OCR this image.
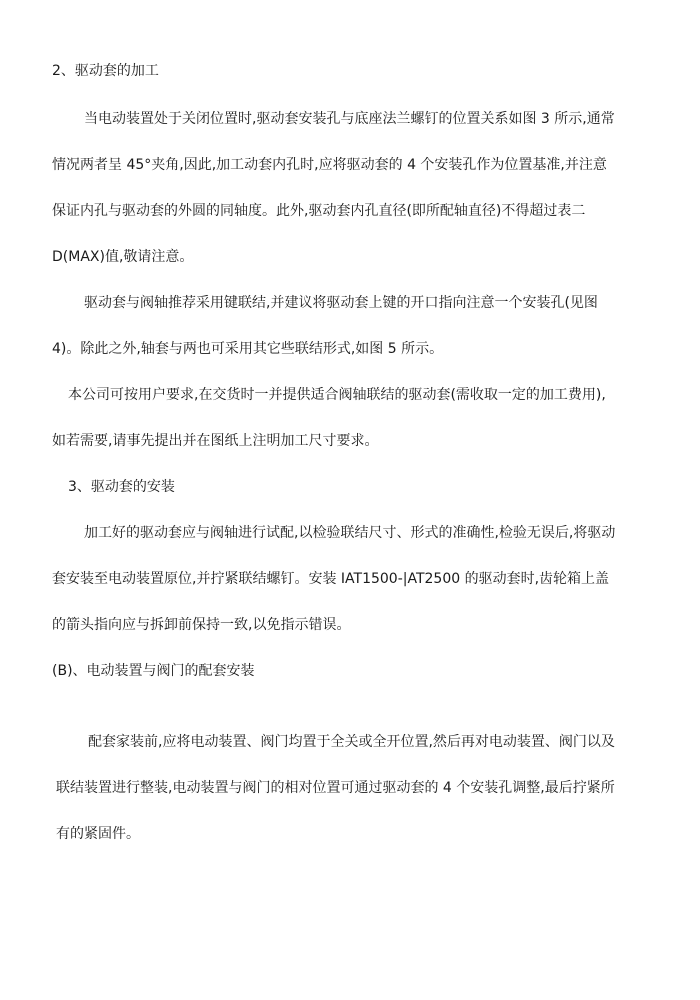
2、驱动套的加工
当电动装置处于关闭位置时,驱动套安装孔与底座法兰螺钉的位置关系如图 3 所示,通常
情况两者呈 45°夹角,因此,加工动套内孔时,应将驱动套的 4 个安装孔作为位置基准,并注意
保证内孔与驱动套的外圆的同轴度。此外,驱动套内孔直径(即所配轴直径)不得超过表二
D(MAX)值,敬请注意。
驱动套与阀轴推荐采用键联结,并建议将驱动套上键的开口指向注意一个安装孔(见图
4)。除此之外,轴套与两也可采用其它些联结形式,如图 5 所示。
本公司可按用户要求,在交货时一并提供适合阀轴联结的驱动套(需收取一定的加工费用),
如若需要,请事先提出并在图纸上注明加工尺寸要求。
3、驱动套的安装
加工好的驱动套应与阀轴进行试配,以检验联结尺寸、形式的准确性,检验无误后,将驱动
套安装至电动装置原位,并拧紧联结螺钉。安装 IAT1500-|AT2500 的驱动套时,齿轮箱上盖
的箭头指向应与拆卸前保持一致,以免指示错误。
(B)、电动装置与阀门的配套安装
配套家装前,应将电动装置、阀门均置于全关或全开位置,然后再对电动装置、阀门以及
联结装置进行整装,电动装置与阀门的相对位置可通过驱动套的 4 个安装孔调整,最后拧紧所
有的紧固件。
